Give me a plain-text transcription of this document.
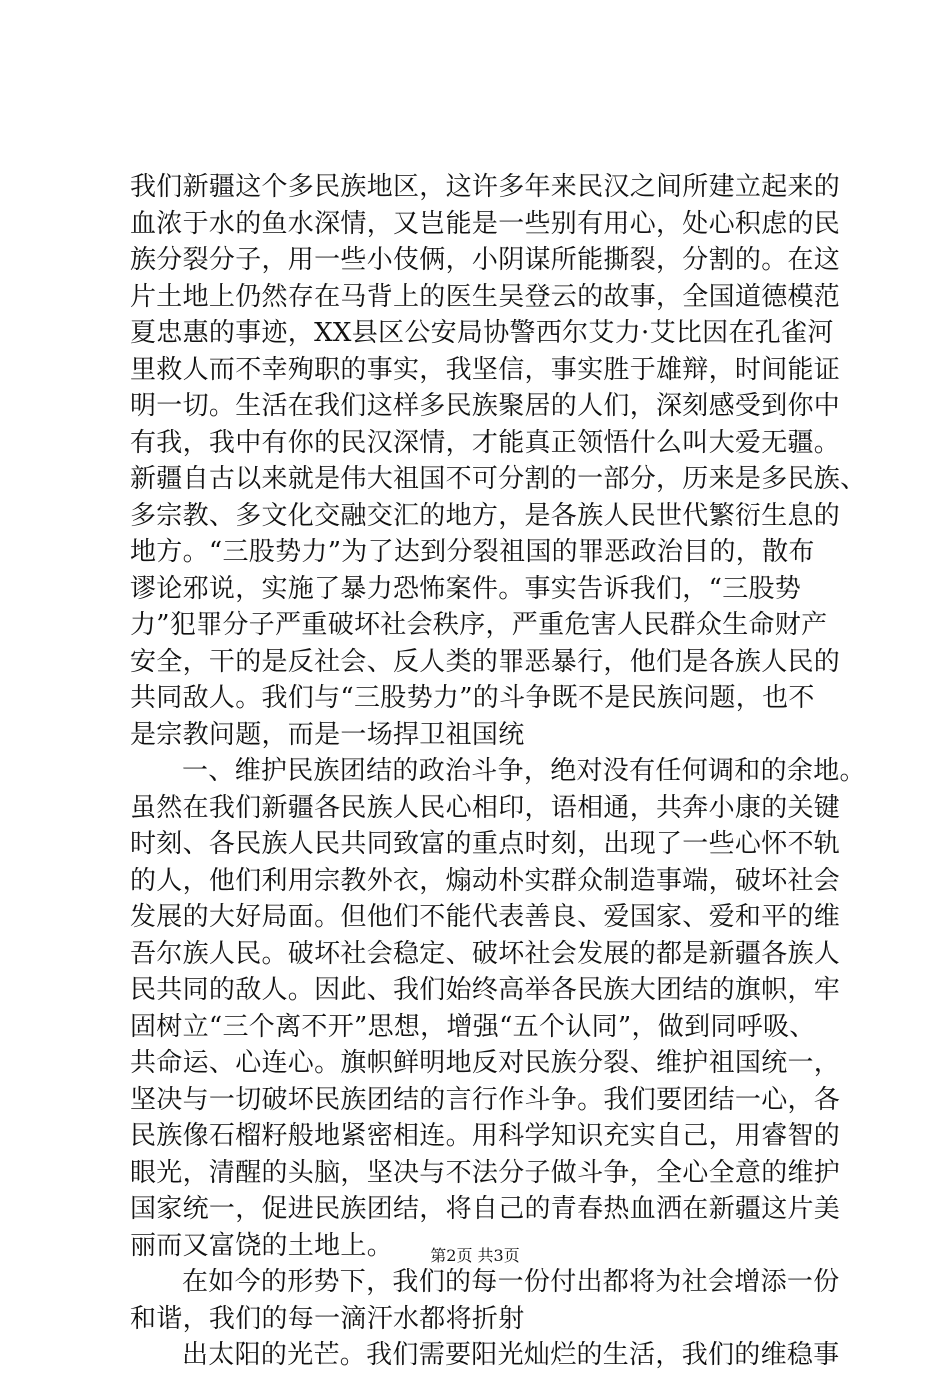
我们新疆这个多民族地区，这许多年来民汉之间所建立起来的
血浓于水的鱼水深情，又岂能是一些别有用心，处心积虑的民
族分裂分子，用一些小伎俩，小阴谋所能撕裂，分割的。在这
片土地上仍然存在马背上的医生吴登云的故事，全国道德模范
夏忠惠的事迹，XX县区公安局协警西尔艾力·艾比因在孔雀河
里救人而不幸殉职的事实，我坚信，事实胜于雄辩，时间能证
明一切。生活在我们这样多民族聚居的人们，深刻感受到你中
有我，我中有你的民汉深情，才能真正领悟什么叫大爱无疆。
新疆自古以来就是伟大祖国不可分割的一部分，历来是多民族、
多宗教、多文化交融交汇的地方，是各族人民世代繁衍生息的
地方。“三股势力”为了达到分裂祖国的罪恶政治目的，散布
谬论邪说，实施了暴力恐怖案件。事实告诉我们，“三股势
力”犯罪分子严重破坏社会秩序，严重危害人民群众生命财产
安全，干的是反社会、反人类的罪恶暴行，他们是各族人民的
共同敌人。我们与“三股势力”的斗争既不是民族问题，也不
是宗教问题，而是一场捍卫祖国统
一、维护民族团结的政治斗争，绝对没有任何调和的余地。
虽然在我们新疆各民族人民心相印，语相通，共奔小康的关键
时刻、各民族人民共同致富的重点时刻，出现了一些心怀不轨
的人，他们利用宗教外衣，煽动朴实群众制造事端，破坏社会
发展的大好局面。但他们不能代表善良、爱国家、爱和平的维
吾尔族人民。破坏社会稳定、破坏社会发展的都是新疆各族人
民共同的敌人。因此、我们始终高举各民族大团结的旗帜，牢
固树立“三个离不开”思想，增强“五个认同”，做到同呼吸、
共命运、心连心。旗帜鲜明地反对民族分裂、维护祖国统一，
坚决与一切破坏民族团结的言行作斗争。我们要团结一心，各
民族像石榴籽般地紧密相连。用科学知识充实自己，用睿智的
眼光，清醒的头脑，坚决与不法分子做斗争，全心全意的维护
国家统一，促进民族团结，将自己的青春热血洒在新疆这片美
丽而又富饶的土地上。
在如今的形势下，我们的每一份付出都将为社会增添一份
和谐，我们的每一滴汗水都将折射
出太阳的光芒。我们需要阳光灿烂的生活，我们的维稳事
第2页 共3页
